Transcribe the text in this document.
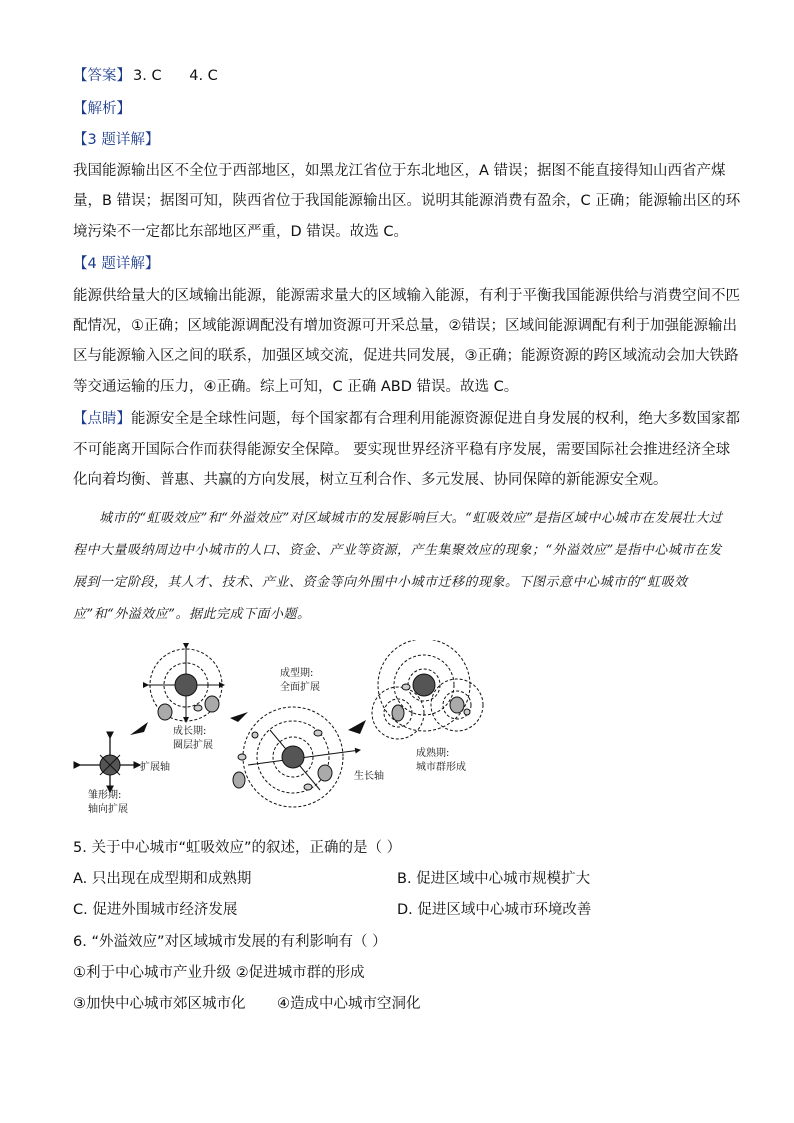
【答案】 3. C      4. C
【解析】
【3 题详解】
我国能源输出区不全位于西部地区，如黑龙江省位于东北地区，A 错误；据图不能直接得知山西省产煤
量，B 错误；据图可知，陕西省位于我国能源输出区。说明其能源消费有盈余，C 正确；能源输出区的环
境污染不一定都比东部地区严重，D 错误。故选 C。
【4 题详解】
能源供给量大的区域输出能源，能源需求量大的区域输入能源，有利于平衡我国能源供给与消费空间不匹
配情况，①正确；区域能源调配没有增加资源可开采总量，②错误；区域间能源调配有利于加强能源输出
区与能源输入区之间的联系，加强区域交流，促进共同发展，③正确；能源资源的跨区域流动会加大铁路
等交通运输的压力，④正确。综上可知，C 正确 ABD 错误。故选 C。
【点睛】能源安全是全球性问题，每个国家都有合理利用能源资源促进自身发展的权利，绝大多数国家都
不可能离开国际合作而获得能源安全保障。 要实现世界经济平稳有序发展，需要国际社会推进经济全球
化向着均衡、普惠、共赢的方向发展，树立互利合作、多元发展、协同保障的新能源安全观。

城市的“虹吸效应”和“外溢效应”对区域城市的发展影响巨大。“虹吸效应”是指区域中心城市在发展壮大过程中大量吸纳周边中小城市的人口、资金、产业等资源，产生集聚效应的现象；“外溢效应”是指中心城市在发展到一定阶段，其人才、技术、产业、资金等向外围中小城市迁移的现象。下图示意中心城市的“虹吸效应”和“外溢效应”。据此完成下面小题。

雏形期:
轴向扩展
扩展轴
成长期:
圈层扩展
成型期:
全面扩展
生长轴
成熟期:
城市群形成
5. 关于中心城市“虹吸效应”的叙述，正确的是（ ）
A. 只出现在成型期和成熟期	B. 促进区域中心城市规模扩大
C. 促进外围城市经济发展	D. 促进区域中心城市环境改善
6. “外溢效应”对区域城市发展的有利影响有（ ）
①利于中心城市产业升级 ②促进城市群的形成
③加快中心城市郊区城市化 ④造成中心城市空洞化
